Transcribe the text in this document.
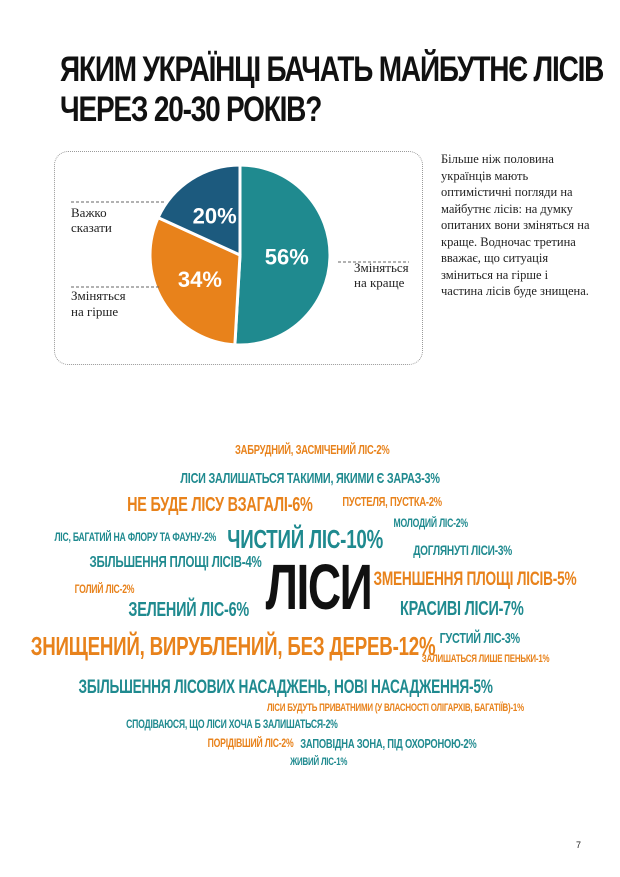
ЯКИМ УКРАЇНЦІ БАЧАТЬ МАЙБУТНЄ ЛІСІВ
ЧЕРЕЗ 20-30 РОКІВ?
56%	Зміняться
на краще
34%
Зміняться
на гірше
20%
Важко
сказати

Більше ніж половина українців мають оптимістичні погляди на майбутнє лісів: на думку опитаних вони зміняться на краще. Водночас третина вважає, що ситуація зміниться на гірше і частина лісів буде знищена.

ЗАБРУДНИЙ, ЗАСМІЧЕНИЙ ЛІС-2%
ЛІСИ ЗАЛИШАТЬСЯ ТАКИМИ, ЯКИМИ Є ЗАРАЗ-3%
НЕ БУДЕ ЛІСУ ВЗАГАЛІ-6% ПУСТЕЛЯ, ПУСТКА-2%
МОЛОДИЙ ЛІС-2%
ЛІС, БАГАТИЙ НА ФЛОРУ ТА ФАУНУ-2% ЧИСТИЙ ЛІС-10% ДОГЛЯНУТІ ЛІСИ-3%
ЗБІЛЬШЕННЯ ПЛОЩІ ЛІСІВ-4%
ГОЛИЙ ЛІС-2%	ЗМЕНШЕННЯ ПЛОЩІ ЛІСІВ-5%
ЗЕЛЕНИЙ ЛІС-6%	КРАСИВІ ЛІСИ-7%
ЗНИЩЕНИЙ, ВИРУБЛЕНИЙ, БЕЗ ДЕРЕВ-12% ГУСТИЙ ЛІС-3%
ЗАЛИШАТЬСЯ ЛИШЕ ПЕНЬКИ-1%
ЗБІЛЬШЕННЯ ЛІСОВИХ НАСАДЖЕНЬ, НОВІ НАСАДЖЕННЯ-5%
ЛІСИ БУДУТЬ ПРИВАТНИМИ (У ВЛАСНОСТІ ОЛІГАРХІВ, БАГАТІЇВ)-1%
СПОДІВАЮСЯ, ЩО ЛІСИ ХОЧА Б ЗАЛИШАТЬСЯ-2%
ПОРІДІВШИЙ ЛІС-2% ЗАПОВІДНА ЗОНА, ПІД ОХОРОНОЮ-2%
ЖИВИЙ ЛІС-1%
ЛІСИ
7
